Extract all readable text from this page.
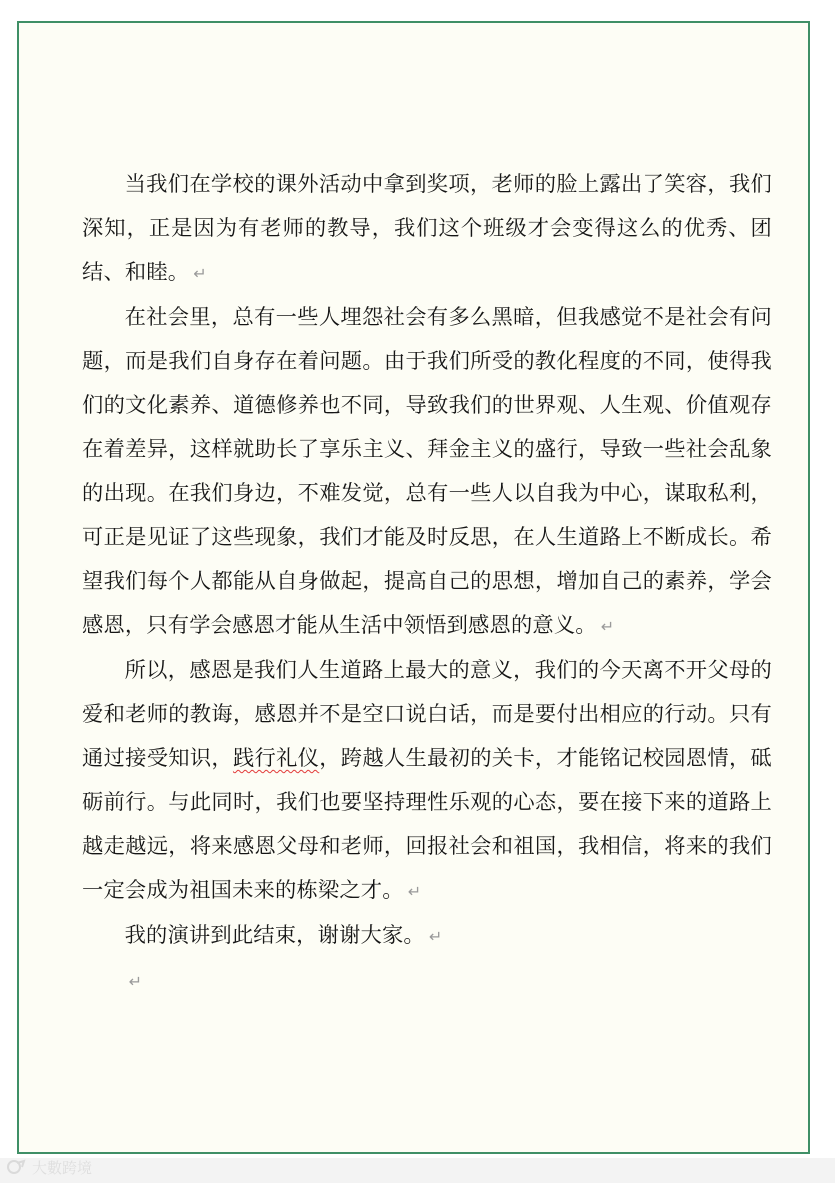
当我们在学校的课外活动中拿到奖项，老师的脸上露出了笑容，我们深知，正是因为有老师的教导，我们这个班级才会变得这么的优秀、团结、和睦。 ↵

在社会里，总有一些人埋怨社会有多么黑暗，但我感觉不是社会有问题，而是我们自身存在着问题。由于我们所受的教化程度的不同，使得我们的文化素养、道德修养也不同，导致我们的世界观、人生观、价值观存在着差异，这样就助长了享乐主义、拜金主义的盛行，导致一些社会乱象的出现。在我们身边，不难发觉，总有一些人以自我为中心，谋取私利，可正是见证了这些现象，我们才能及时反思，在人生道路上不断成长。希望我们每个人都能从自身做起，提高自己的思想，增加自己的素养，学会感恩，只有学会感恩才能从生活中领悟到感恩的意义。 ↵

所以，感恩是我们人生道路上最大的意义，我们的今天离不开父母的爱和老师的教诲，感恩并不是空口说白话，而是要付出相应的行动。只有通过接受知识，践行礼仪，跨越人生最初的关卡，才能铭记校园恩情，砥砺前行。与此同时，我们也要坚持理性乐观的心态，要在接下来的道路上越走越远，将来感恩父母和老师，回报社会和祖国，我相信，将来的我们一定会成为祖国未来的栋梁之才。 ↵

我的演讲到此结束，谢谢大家。 ↵

↵

大數跨境
